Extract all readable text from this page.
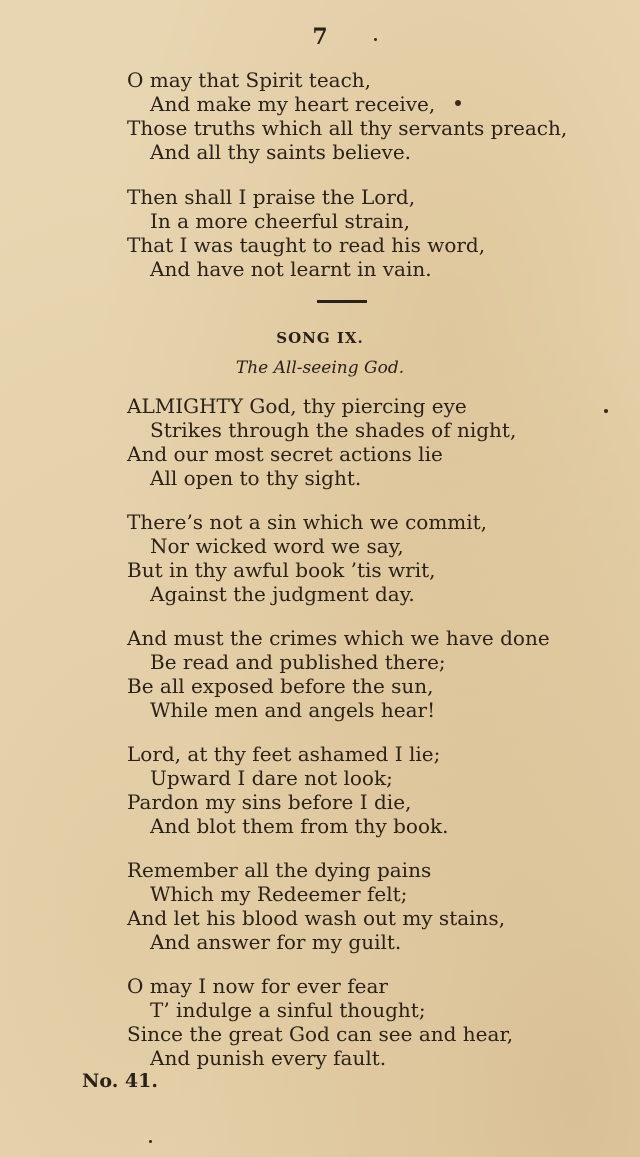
7
O may that Spirit teach,
And make my heart receive,
Those truths which all thy servants preach,
And all thy saints believe.
Then shall I praise the Lord,
In a more cheerful strain,
That I was taught to read his word,
And have not learnt in vain.
SONG IX.
The All-seeing God.
ALMIGHTY God, thy piercing eye
Strikes through the shades of night,
And our most secret actions lie
All open to thy sight.
There’s not a sin which we commit,
Nor wicked word we say,
But in thy awful book ’tis writ,
Against the judgment day.
And must the crimes which we have done
Be read and published there;
Be all exposed before the sun,
While men and angels hear!
Lord, at thy feet ashamed I lie;
Upward I dare not look;
Pardon my sins before I die,
And blot them from thy book.
Remember all the dying pains
Which my Redeemer felt;
And let his blood wash out my stains,
And answer for my guilt.
O may I now for ever fear
T’ indulge a sinful thought;
Since the great God can see and hear,
And punish every fault.
No. 41.
